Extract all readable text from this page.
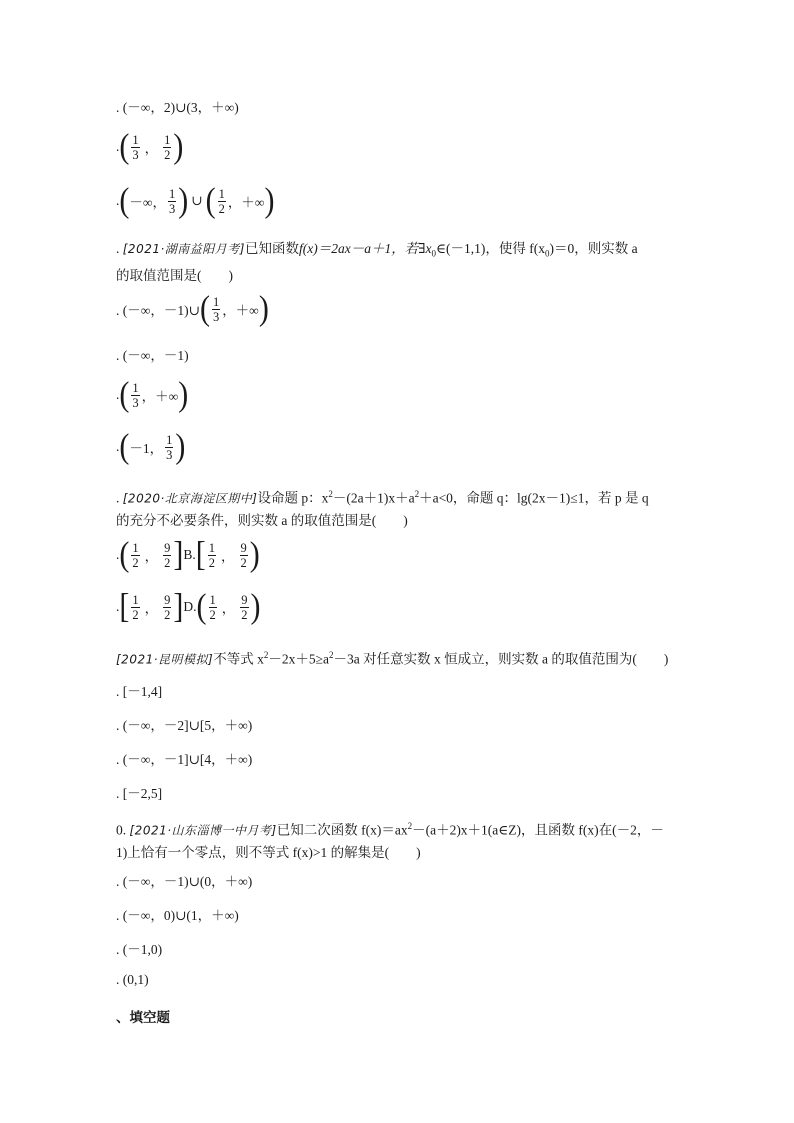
. (－∞，2)∪(3，＋∞)
. ( $\frac{1}{3}$ ， $\frac{1}{2}$ )
. ( －∞， $\frac{1}{3}$ ) ∪ ( $\frac{1}{2}$ ，＋∞ )
. [2021·湖南益阳月考]已知函数f(x)＝2ax－a＋1，若$\exists x_0\in(-1,1)$，使得 $f(x_0)=0$，则实数 a
的取值范围是(　　)
. (－∞，－1)∪ ( $\frac{1}{3}$ ，＋∞ )
. (－∞，－1)
. ( $\frac{1}{3}$ ，＋∞ )
. ( －1， $\frac{1}{3}$ )
. [2020·北京海淀区期中]设命题 p：$x^2-(2a+1)x+a^2+a<0$，命题 q：lg(2x－1)≤1，若 p 是 q
的充分不必要条件，则实数 a 的取值范围是(　　)
. ( $\frac{1}{2}$ ， $\frac{9}{2}$ ] B. [ $\frac{1}{2}$ ， $\frac{9}{2}$ )
. [ $\frac{1}{2}$ ， $\frac{9}{2}$ ] D. ( $\frac{1}{2}$ ， $\frac{9}{2}$ )
[2021·昆明模拟]不等式 $x^2-2x+5\ge a^2-3a$ 对任意实数 x 恒成立，则实数 a 的取值范围为(　　)
. [－1,4]
. (－∞，－2]∪[5，＋∞)
. (－∞，－1]∪[4，＋∞)
. [－2,5]
0. [2021·山东淄博一中月考]已知二次函数 $f(x)=ax^2-(a+2)x+1(a\in Z)$，且函数 f(x)在(－2，－
1)上恰有一个零点，则不等式 f(x)>1 的解集是(　　)
. (－∞，－1)∪(0，＋∞)
. (－∞，0)∪(1，＋∞)
. (－1,0)
. (0,1)
、填空题
